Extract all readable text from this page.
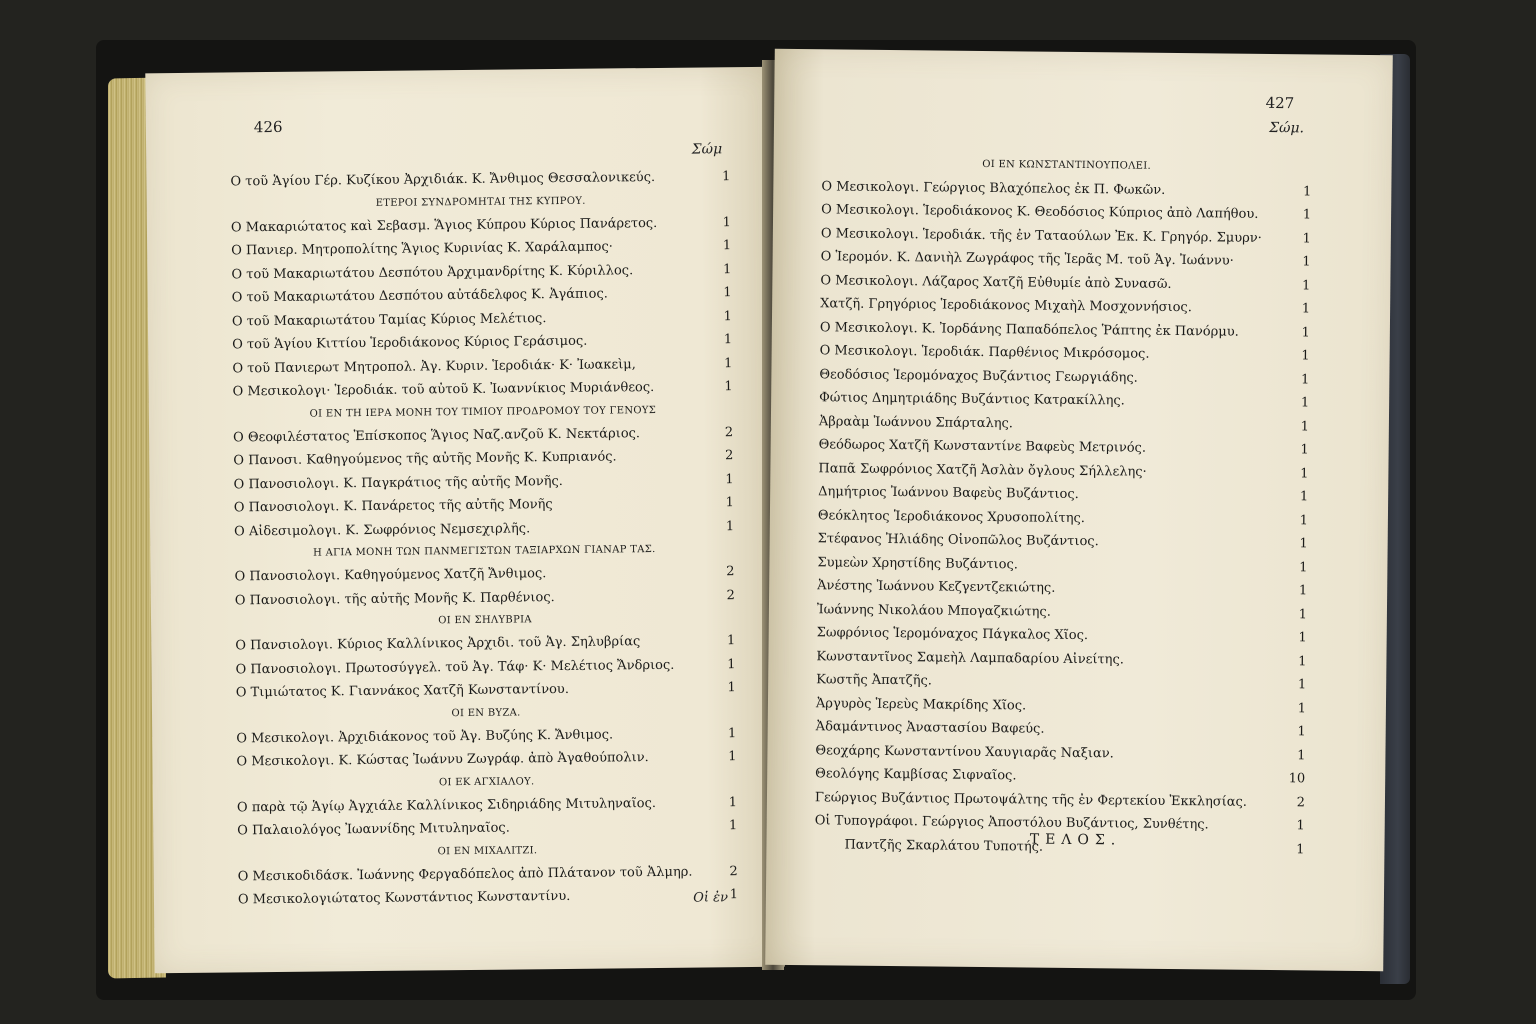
426
Σώμ
Ο τοῦ Ἁγίου Γέρ. Κυζίκου Ἀρχιδιάκ. Κ. Ἄνθιμος Θεσσαλονικεύς.	1
ΕΤΕΡΟΙ ΣΥΝΔΡΟΜΗΤΑΙ ΤΗΣ ΚΥΠΡΟΥ.
Ο Μακαριώτατος καὶ Σεβασμ. Ἅγιος Κύπρου Κύριος Πανάρετος.	1
Ο Πανιερ. Μητροπολίτης Ἅγιος Κυρινίας Κ. Χαράλαμπος·	1
Ο τοῦ Μακαριωτάτου Δεσπότου Ἀρχιμανδρίτης Κ. Κύριλλος.	1
Ο τοῦ Μακαριωτάτου Δεσπότου αὐτάδελφος Κ. Ἀγάπιος.	1
Ο τοῦ Μακαριωτάτου Ταμίας Κύριος Μελέτιος.	1
Ο τοῦ Ἁγίου Κιττίου Ἱεροδιάκονος Κύριος Γεράσιμος.	1
Ο τοῦ Πανιερωτ Μητροπολ. Ἀγ. Κυριν. Ἱεροδιάκ· Κ· Ἰωακεὶμ,	1
Ο Μεσικολογι· Ἱεροδιάκ. τοῦ αὐτοῦ Κ. Ἰωαννίκιος Μυριάνθεος.	1
ΟΙ ΕΝ ΤΗ ΙΕΡΑ ΜΟΝΗ ΤΟΥ ΤΙΜΙΟΥ ΠΡΟΔΡΟΜΟΥ ΤΟΥ ΓΕΝΟΥΣ
Ο Θεοφιλέστατος Ἐπίσκοπος Ἅγιος Ναζ.ανζοῦ Κ. Νεκτάριος.	2
Ο Πανοσι. Καθηγούμενος τῆς αὐτῆς Μονῆς Κ. Κυπριανός.	2
Ο Πανοσιολογι. Κ. Παγκράτιος τῆς αὐτῆς Μονῆς.	1
Ο Πανοσιολογι. Κ. Πανάρετος τῆς αὐτῆς Μονῆς	1
Ο Αἰδεσιμολογι. Κ. Σωφρόνιος Νεμσεχιρλῆς.	1
Η ΑΓΙΑ ΜΟΝΗ ΤΩΝ ΠΑΝΜΕΓΙΣΤΩΝ ΤΑΞΙΑΡΧΩΝ ΓΙΑΝΑΡ ΤΑΣ.
Ο Πανοσιολογι. Καθηγούμενος Χατζῆ Ἄνθιμος.	2
Ο Πανοσιολογι. τῆς αὐτῆς Μονῆς Κ. Παρθένιος.	2
ΟΙ ΕΝ ΣΗΛΥΒΡΙΑ
Ο Πανσιολογι. Κύριος Καλλίνικος Ἀρχιδι. τοῦ Ἀγ. Σηλυβρίας	1
Ο Πανοσιολογι. Πρωτοσύγγελ. τοῦ Ἀγ. Τάφ· Κ· Μελέτιος Ἄνδριος.	1
Ο Τιμιώτατος Κ. Γιαννάκος Χατζῆ Κωνσταντίνου.	1
ΟΙ ΕΝ ΒΥΖΑ.
Ο Μεσικολογι. Ἀρχιδιάκονος τοῦ Ἀγ. Βυζύης Κ. Ἄνθιμος.	1
Ο Μεσικολογι. Κ. Κώστας Ἰωάννυ Ζωγράφ. ἀπὸ Ἀγαθούπολιν.	1
ΟΙ ΕΚ ΑΓΧΙΑΛΟΥ.
Ο παρὰ τῷ Ἁγίῳ Ἀγχιάλε Καλλίνικος Σιδηριάδης Μιτυληναῖος.	1
Ο Παλαιολόγος Ἰωαννίδης Μιτυληναῖος.	1
ΟΙ ΕΝ ΜΙΧΑΛΙΤΖΙ.
Ο Μεσικοδιδάσκ. Ἰωάννης Φεργαδόπελος ἀπὸ Πλάτανον τοῦ Ἀλμηρ.	2
Ο Μεσικολογιώτατος Κωνστάντιος Κωνσταντίνυ.	1
Οἱ ἐν
427
Σώμ.
ΟΙ ΕΝ ΚΩΝΣΤΑΝΤΙΝΟΥΠΟΛΕΙ.
Ο Μεσικολογι. Γεώργιος Βλαχόπελος ἐκ Π. Φωκῶν.	1
Ο Μεσικολογι. Ἱεροδιάκονος Κ. Θεοδόσιος Κύπριος ἀπὸ Λαπήθου.	1
Ο Μεσικολογι. Ἱεροδιάκ. τῆς ἐν Ταταούλων Ἐκ. Κ. Γρηγόρ. Σμυρν·	1
Ο Ἱερομόν. Κ. Δανιὴλ Ζωγράφος τῆς Ἱερᾶς Μ. τοῦ Ἀγ. Ἰωάννυ·	1
Ο Μεσικολογι. Λάζαρος Χατζῆ Εὐθυμίε ἀπὸ Συνασῶ.	1
Χατζῆ. Γρηγόριος Ἱεροδιάκονος Μιχαὴλ Μοσχοννήσιος.	1
Ο Μεσικολογι. Κ. Ἰορδάνης Παπαδόπελος Ῥάπτης ἐκ Πανόρμυ.	1
Ο Μεσικολογι. Ἱεροδιάκ. Παρθένιος Μικρόσομος.	1
Θεοδόσιος Ἱερομόναχος Βυζάντιος Γεωργιάδης.	1
Φώτιος Δημητριάδης Βυζάντιος Κατρακίλλης.	1
Ἀβραὰμ Ἰωάννου Σπάρταλης.	1
Θεόδωρος Χατζῆ Κωνσταντίνε Βαφεὺς Μετρινός.	1
Παπᾶ Σωφρόνιος Χατζῆ Ἀσλὰν ὄγλους Σήλλελης·	1
Δημήτριος Ἰωάννου Βαφεὺς Βυζάντιος.	1
Θεόκλητος Ἱεροδιάκονος Χρυσοπολίτης.	1
Στέφανος Ἠλιάδης Οἰνοπῶλος Βυζάντιος.	1
Συμεὼν Χρηστίδης Βυζάντιος.	1
Ἀνέστης Ἰωάννου Κεζγεντζεκιώτης.	1
Ἰωάννης Νικολάου Μπογαζκιώτης.	1
Σωφρόνιος Ἱερομόναχος Πάγκαλος Χῖος.	1
Κωνσταντῖνος Σαμεὴλ Λαμπαδαρίου Αἰνείτης.	1
Κωστῆς Ἀπατζῆς.	1
Ἀργυρὸς Ἱερεὺς Μακρίδης Χῖος.	1
Ἀδαμάντινος Ἀναστασίου Βαφεύς.	1
Θεοχάρης Κωνσταντίνου Χαυγιαρᾶς Ναξιαν.	1
Θεολόγης Καμβίσας Σιφναῖος.	10
Γεώργιος Βυζάντιος Πρωτοψάλτης τῆς ἐν Φερτεκίου Ἐκκλησίας.	2
Οἱ Τυπογράφοι. Γεώργιος Ἀποστόλου Βυζάντιος, Συνθέτης.	1
Παντζῆς Σκαρλάτου Τυποτής.	1
ΤΕΛΟΣ.
